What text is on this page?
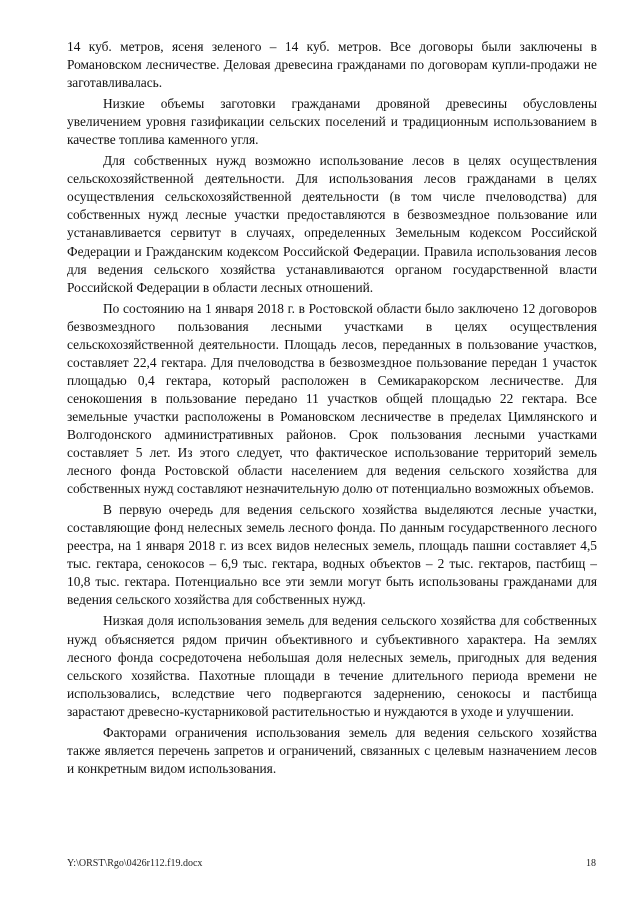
14 куб. метров, ясеня зеленого – 14 куб. метров. Все договоры были заключены в Романовском лесничестве. Деловая древесина гражданами по договорам купли-продажи не заготавливалась.

Низкие объемы заготовки гражданами дровяной древесины обусловлены увеличением уровня газификации сельских поселений и традиционным использованием в качестве топлива каменного угля.

Для собственных нужд возможно использование лесов в целях осуществления сельскохозяйственной деятельности. Для использования лесов гражданами в целях осуществления сельскохозяйственной деятельности (в том числе пчеловодства) для собственных нужд лесные участки предоставляются в безвозмездное пользование или устанавливается сервитут в случаях, определенных Земельным кодексом Российской Федерации и Гражданским кодексом Российской Федерации. Правила использования лесов для ведения сельского хозяйства устанавливаются органом государственной власти Российской Федерации в области лесных отношений.

По состоянию на 1 января 2018 г. в Ростовской области было заключено 12 договоров безвозмездного пользования лесными участками в целях осуществления сельскохозяйственной деятельности. Площадь лесов, переданных в пользование участков, составляет 22,4 гектара. Для пчеловодства в безвозмездное пользование передан 1 участок площадью 0,4 гектара, который расположен в Семикаракорском лесничестве. Для сенокошения в пользование передано 11 участков общей площадью 22 гектара. Все земельные участки расположены в Романовском лесничестве в пределах Цимлянского и Волгодонского административных районов. Срок пользования лесными участками составляет 5 лет. Из этого следует, что фактическое использование территорий земель лесного фонда Ростовской области населением для ведения сельского хозяйства для собственных нужд составляют незначительную долю от потенциально возможных объемов.

В первую очередь для ведения сельского хозяйства выделяются лесные участки, составляющие фонд нелесных земель лесного фонда. По данным государственного лесного реестра, на 1 января 2018 г. из всех видов нелесных земель, площадь пашни составляет 4,5 тыс. гектара, сенокосов – 6,9 тыс. гектара, водных объектов – 2 тыс. гектаров, пастбищ – 10,8 тыс. гектара. Потенциально все эти земли могут быть использованы гражданами для ведения сельского хозяйства для собственных нужд.

Низкая доля использования земель для ведения сельского хозяйства для собственных нужд объясняется рядом причин объективного и субъективного характера. На землях лесного фонда сосредоточена небольшая доля нелесных земель, пригодных для ведения сельского хозяйства. Пахотные площади в течение длительного периода времени не использовались, вследствие чего подвергаются задернению, сенокосы и пастбища зарастают древесно-кустарниковой растительностью и нуждаются в уходе и улучшении.

Факторами ограничения использования земель для ведения сельского хозяйства также является перечень запретов и ограничений, связанных с целевым назначением лесов и конкретным видом использования.

Y:\ORST\Rgo\0426r112.f19.docx	18
